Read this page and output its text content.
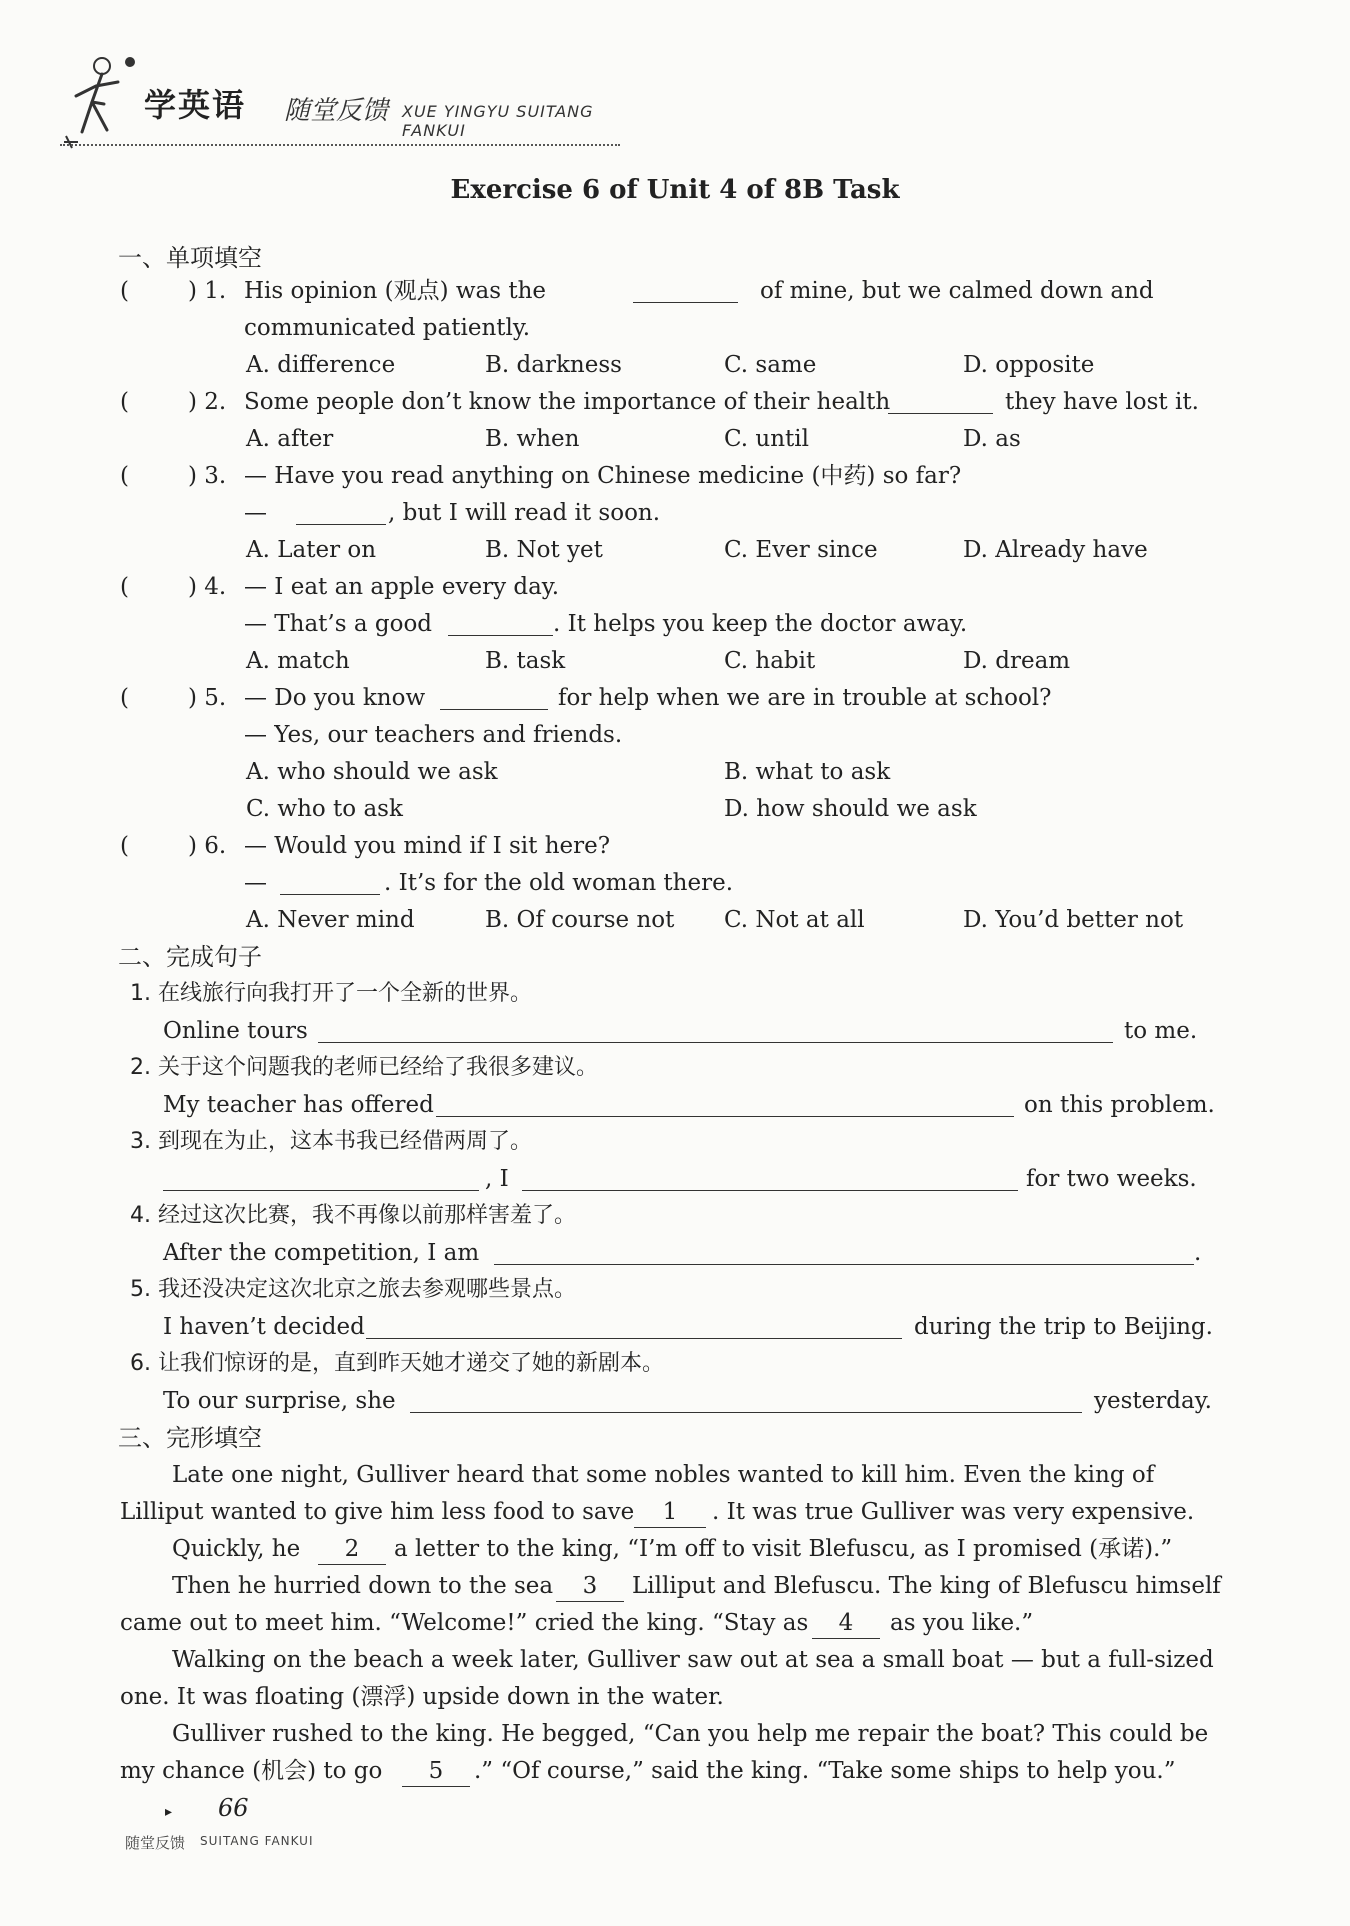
学英语 随堂反馈 XUE YINGYU SUITANG FANKUI
Exercise 6 of Unit 4 of 8B Task
一、单项填空
(	) 1. His opinion (观点) was the	of mine, but we calmed down and
communicated patiently.
A. difference	B. darkness	C. same	D. opposite
(	) 2. Some people don’t know the importance of their health	they have lost it.
A. after	B. when	C. until	D. as
(	) 3. — Have you read anything on Chinese medicine (中药) so far?
—	, but I will read it soon.
A. Later on	B. Not yet	C. Ever since	D. Already have
(	) 4. — I eat an apple every day.
— That’s a good	. It helps you keep the doctor away.
A. match	B. task	C. habit	D. dream
(	) 5. — Do you know	for help when we are in trouble at school?
— Yes, our teachers and friends.
A. who should we ask	B. what to ask
C. who to ask	D. how should we ask
(	) 6. — Would you mind if I sit here?
—	. It’s for the old woman there.
A. Never mind	B. Of course not C. Not at all	D. You’d better not
二、完成句子
1. 在线旅行向我打开了一个全新的世界。
Online tours	to me.
2. 关于这个问题我的老师已经给了我很多建议。
My teacher has offered	on this problem.
3. 到现在为止，这本书我已经借两周了。
, I	for two weeks.
4. 经过这次比赛，我不再像以前那样害羞了。
After the competition, I am	.
5. 我还没决定这次北京之旅去参观哪些景点。
I haven’t decided	during the trip to Beijing.
6. 让我们惊讶的是，直到昨天她才递交了她的新剧本。
To our surprise, she	yesterday.
三、完形填空
Late one night, Gulliver heard that some nobles wanted to kill him. Even the king of
Lilliput wanted to give him less food to save	1	. It was true Gulliver was very expensive.
Quickly, he	2	a letter to the king, “I’m off to visit Blefuscu, as I promised (承诺).”
Then he hurried down to the sea	3	Lilliput and Blefuscu. The king of Blefuscu himself
came out to meet him. “Welcome!” cried the king. “Stay as	4	as you like.”
Walking on the beach a week later, Gulliver saw out at sea a small boat — but a full-sized
one. It was floating (漂浮) upside down in the water.
Gulliver rushed to the king. He begged, “Can you help me repair the boat? This could be
my chance (机会) to go	5	.” “Of course,” said the king. “Take some ships to help you.”
▸ 66
随堂反馈 SUITANG FANKUI
